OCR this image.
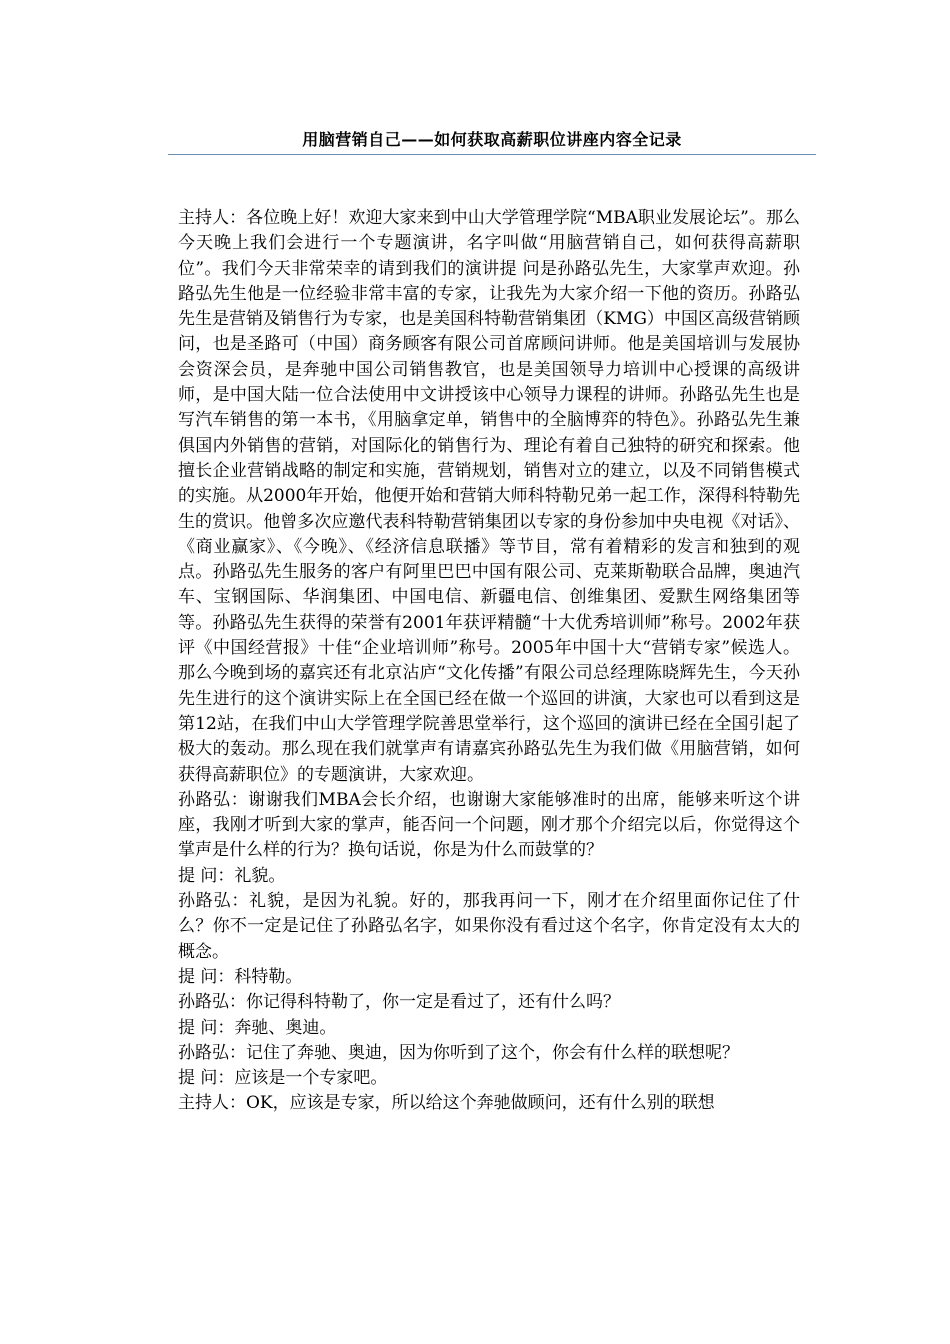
用脑营销自己——如何获取高薪职位讲座内容全记录

主持人：各位晚上好！欢迎大家来到中山大学管理学院“MBA职业发展论坛”。那么今天晚上我们会进行一个专题演讲，名字叫做“用脑营销自己，如何获得高薪职位”。我们今天非常荣幸的请到我们的演讲提 问是孙路弘先生，大家掌声欢迎。孙路弘先生他是一位经验非常丰富的专家，让我先为大家介绍一下他的资历。孙路弘先生是营销及销售行为专家，也是美国科特勒营销集团（KMG）中国区高级营销顾问，也是圣路可（中国）商务顾客有限公司首席顾问讲师。他是美国培训与发展协会资深会员，是奔驰中国公司销售教官，也是美国领导力培训中心授课的高级讲师，是中国大陆一位合法使用中文讲授该中心领导力课程的讲师。孙路弘先生也是写汽车销售的第一本书，《用脑拿定单，销售中的全脑博弈的特色》。孙路弘先生兼俱国内外销售的营销，对国际化的销售行为、理论有着自己独特的研究和探索。他擅长企业营销战略的制定和实施，营销规划，销售对立的建立，以及不同销售模式的实施。从2000年开始，他便开始和营销大师科特勒兄弟一起工作，深得科特勒先生的赏识。他曾多次应邀代表科特勒营销集团以专家的身份参加中央电视《对话》、《商业赢家》、《今晚》、《经济信息联播》等节目，常有着精彩的发言和独到的观点。孙路弘先生服务的客户有阿里巴巴中国有限公司、克莱斯勒联合品牌，奥迪汽车、宝钢国际、华润集团、中国电信、新疆电信、创维集团、爱默生网络集团等等。孙路弘先生获得的荣誉有2001年获评精髓“十大优秀培训师”称号。2002年获评《中国经营报》十佳“企业培训师”称号。2005年中国十大“营销专家”候选人。那么今晚到场的嘉宾还有北京沾庐“文化传播”有限公司总经理陈晓辉先生，今天孙先生进行的这个演讲实际上在全国已经在做一个巡回的讲演，大家也可以看到这是第12站，在我们中山大学管理学院善思堂举行，这个巡回的演讲已经在全国引起了极大的轰动。那么现在我们就掌声有请嘉宾孙路弘先生为我们做《用脑营销，如何获得高薪职位》的专题演讲，大家欢迎。

孙路弘：谢谢我们MBA会长介绍，也谢谢大家能够准时的出席，能够来听这个讲座，我刚才听到大家的掌声，能否问一个问题，刚才那个介绍完以后，你觉得这个掌声是什么样的行为？换句话说，你是为什么而鼓掌的？

提 问：礼貌。

孙路弘：礼貌，是因为礼貌。好的，那我再问一下，刚才在介绍里面你记住了什么？你不一定是记住了孙路弘名字，如果你没有看过这个名字，你肯定没有太大的概念。

提 问：科特勒。

孙路弘：你记得科特勒了，你一定是看过了，还有什么吗？

提 问：奔驰、奥迪。

孙路弘：记住了奔驰、奥迪，因为你听到了这个，你会有什么样的联想呢？

提 问：应该是一个专家吧。

主持人：OK，应该是专家，所以给这个奔驰做顾问，还有什么别的联想
